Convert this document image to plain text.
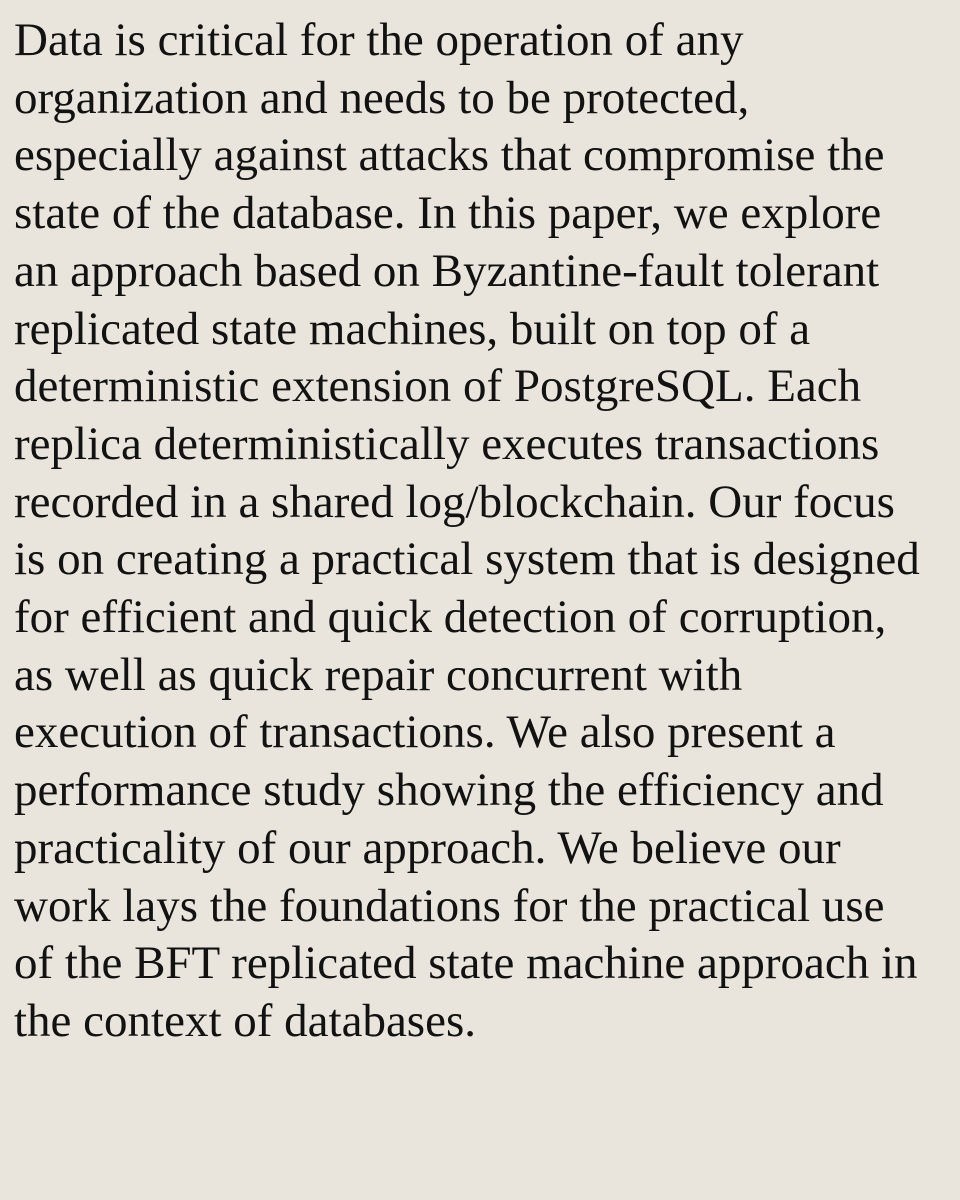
Data is critical for the operation of any
organization and needs to be protected,
especially against attacks that compromise the
state of the database. In this paper, we explore
an approach based on Byzantine-fault tolerant
replicated state machines, built on top of a
deterministic extension of PostgreSQL. Each
replica deterministically executes transactions
recorded in a shared log/blockchain. Our focus
is on creating a practical system that is designed
for efficient and quick detection of corruption,
as well as quick repair concurrent with
execution of transactions. We also present a
performance study showing the efficiency and
practicality of our approach. We believe our
work lays the foundations for the practical use
of the BFT replicated state machine approach in
the context of databases.
